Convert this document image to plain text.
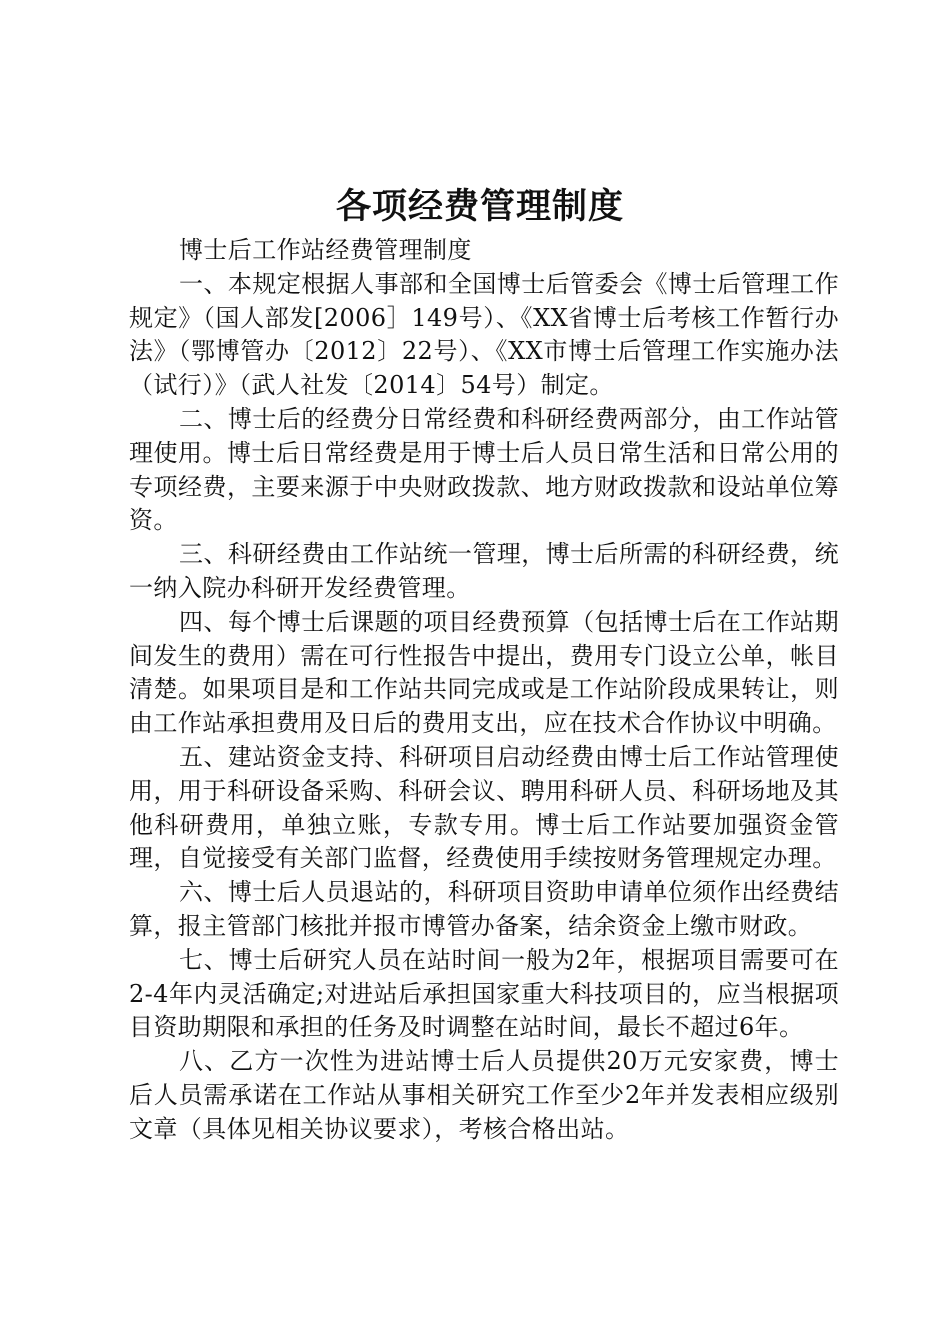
各项经费管理制度

博士后工作站经费管理制度

一、本规定根据人事部和全国博士后管委会《博士后管理工作规定》（国人部发[2006］149号）、《XX省博士后考核工作暂行办法》（鄂博管办〔2012〕22号）、《XX市博士后管理工作实施办法（试行）》（武人社发〔2014〕54号）制定。

二、博士后的经费分日常经费和科研经费两部分，由工作站管理使用。博士后日常经费是用于博士后人员日常生活和日常公用的专项经费，主要来源于中央财政拨款、地方财政拨款和设站单位筹资。

三、科研经费由工作站统一管理，博士后所需的科研经费，统一纳入院办科研开发经费管理。

四、每个博士后课题的项目经费预算（包括博士后在工作站期间发生的费用）需在可行性报告中提出，费用专门设立公单，帐目清楚。如果项目是和工作站共同完成或是工作站阶段成果转让，则由工作站承担费用及日后的费用支出，应在技术合作协议中明确。

五、建站资金支持、科研项目启动经费由博士后工作站管理使用，用于科研设备采购、科研会议、聘用科研人员、科研场地及其他科研费用，单独立账，专款专用。博士后工作站要加强资金管理，自觉接受有关部门监督，经费使用手续按财务管理规定办理。

六、博士后人员退站的，科研项目资助申请单位须作出经费结算，报主管部门核批并报市博管办备案，结余资金上缴市财政。

七、博士后研究人员在站时间一般为2年，根据项目需要可在2-4年内灵活确定;对进站后承担国家重大科技项目的，应当根据项目资助期限和承担的任务及时调整在站时间，最长不超过6年。

八、乙方一次性为进站博士后人员提供20万元安家费，博士后人员需承诺在工作站从事相关研究工作至少2年并发表相应级别文章（具体见相关协议要求），考核合格出站。
